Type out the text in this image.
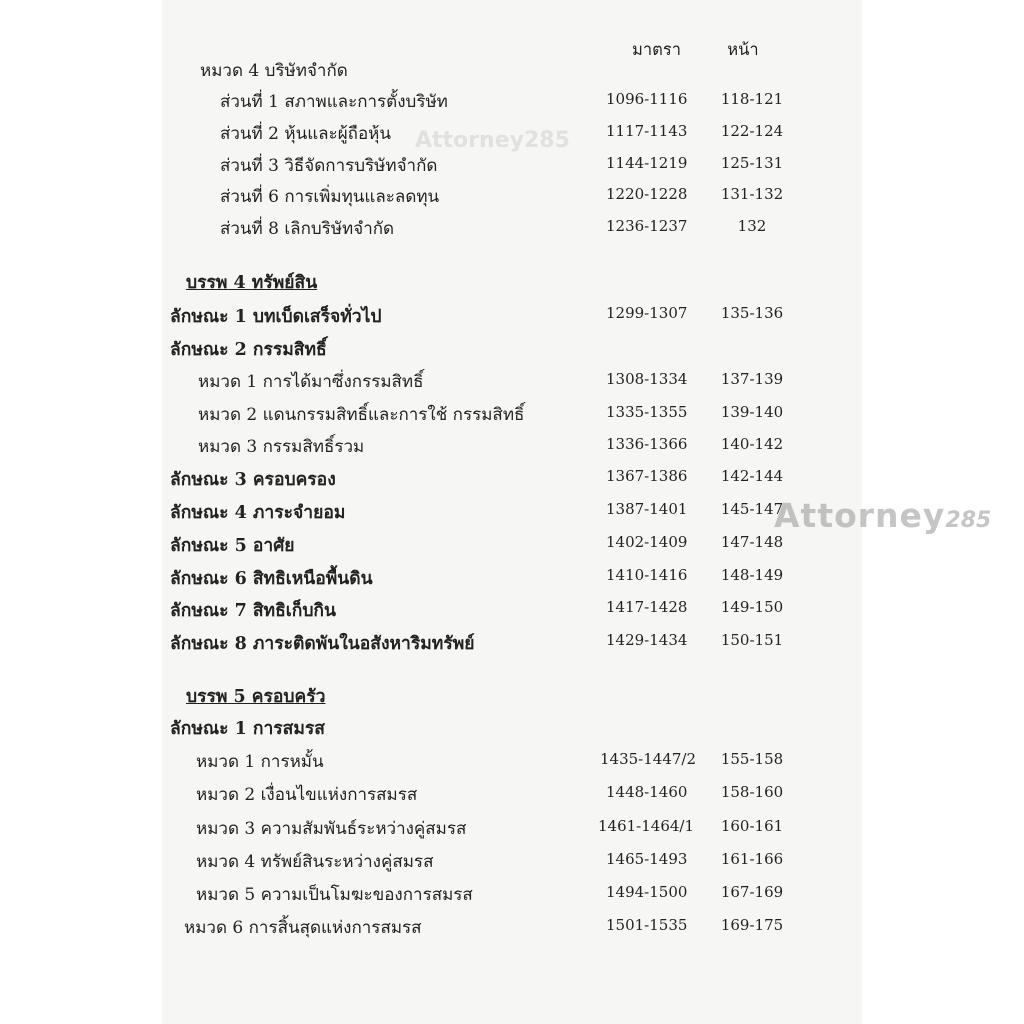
Attorney285
มาตรา	หน้า
หมวด 4 บริษัทจำกัด
ส่วนที่ 1 สภาพและการตั้งบริษัท	1096-1116 118-121
ส่วนที่ 2 หุ้นและผู้ถือหุ้น	1117-1143 122-124
ส่วนที่ 3 วิธีจัดการบริษัทจำกัด	1144-1219 125-131
ส่วนที่ 6 การเพิ่มทุนและลดทุน	1220-1228 131-132
ส่วนที่ 8 เลิกบริษัทจำกัด	1236-1237	132
บรรพ 4 ทรัพย์สิน
ลักษณะ 1 บทเบ็ดเสร็จทั่วไป	1299-1307 135-136
ลักษณะ 2 กรรมสิทธิ์
หมวด 1 การได้มาซึ่งกรรมสิทธิ์	1308-1334 137-139
หมวด 2 แดนกรรมสิทธิ์และการใช้ กรรมสิทธิ์	1335-1355 139-140
หมวด 3 กรรมสิทธิ์รวม	1336-1366 140-142
ลักษณะ 3 ครอบครอง	1367-1386 142-144
ลักษณะ 4 ภาระจำยอม	1387-1401 145-147
ลักษณะ 5 อาศัย	1402-1409 147-148
ลักษณะ 6 สิทธิเหนือพื้นดิน	1410-1416 148-149
ลักษณะ 7 สิทธิเก็บกิน	1417-1428 149-150
ลักษณะ 8 ภาระติดพันในอสังหาริมทรัพย์	1429-1434 150-151
บรรพ 5 ครอบครัว
ลักษณะ 1 การสมรส
หมวด 1 การหมั้น	1435-1447/2 155-158
หมวด 2 เงื่อนไขแห่งการสมรส	1448-1460 158-160
หมวด 3 ความสัมพันธ์ระหว่างคู่สมรส	1461-1464/1 160-161
หมวด 4 ทรัพย์สินระหว่างคู่สมรส	1465-1493 161-166
หมวด 5 ความเป็นโมฆะของการสมรส	1494-1500 167-169
หมวด 6 การสิ้นสุดแห่งการสมรส	1501-1535 169-175
Attorney285
